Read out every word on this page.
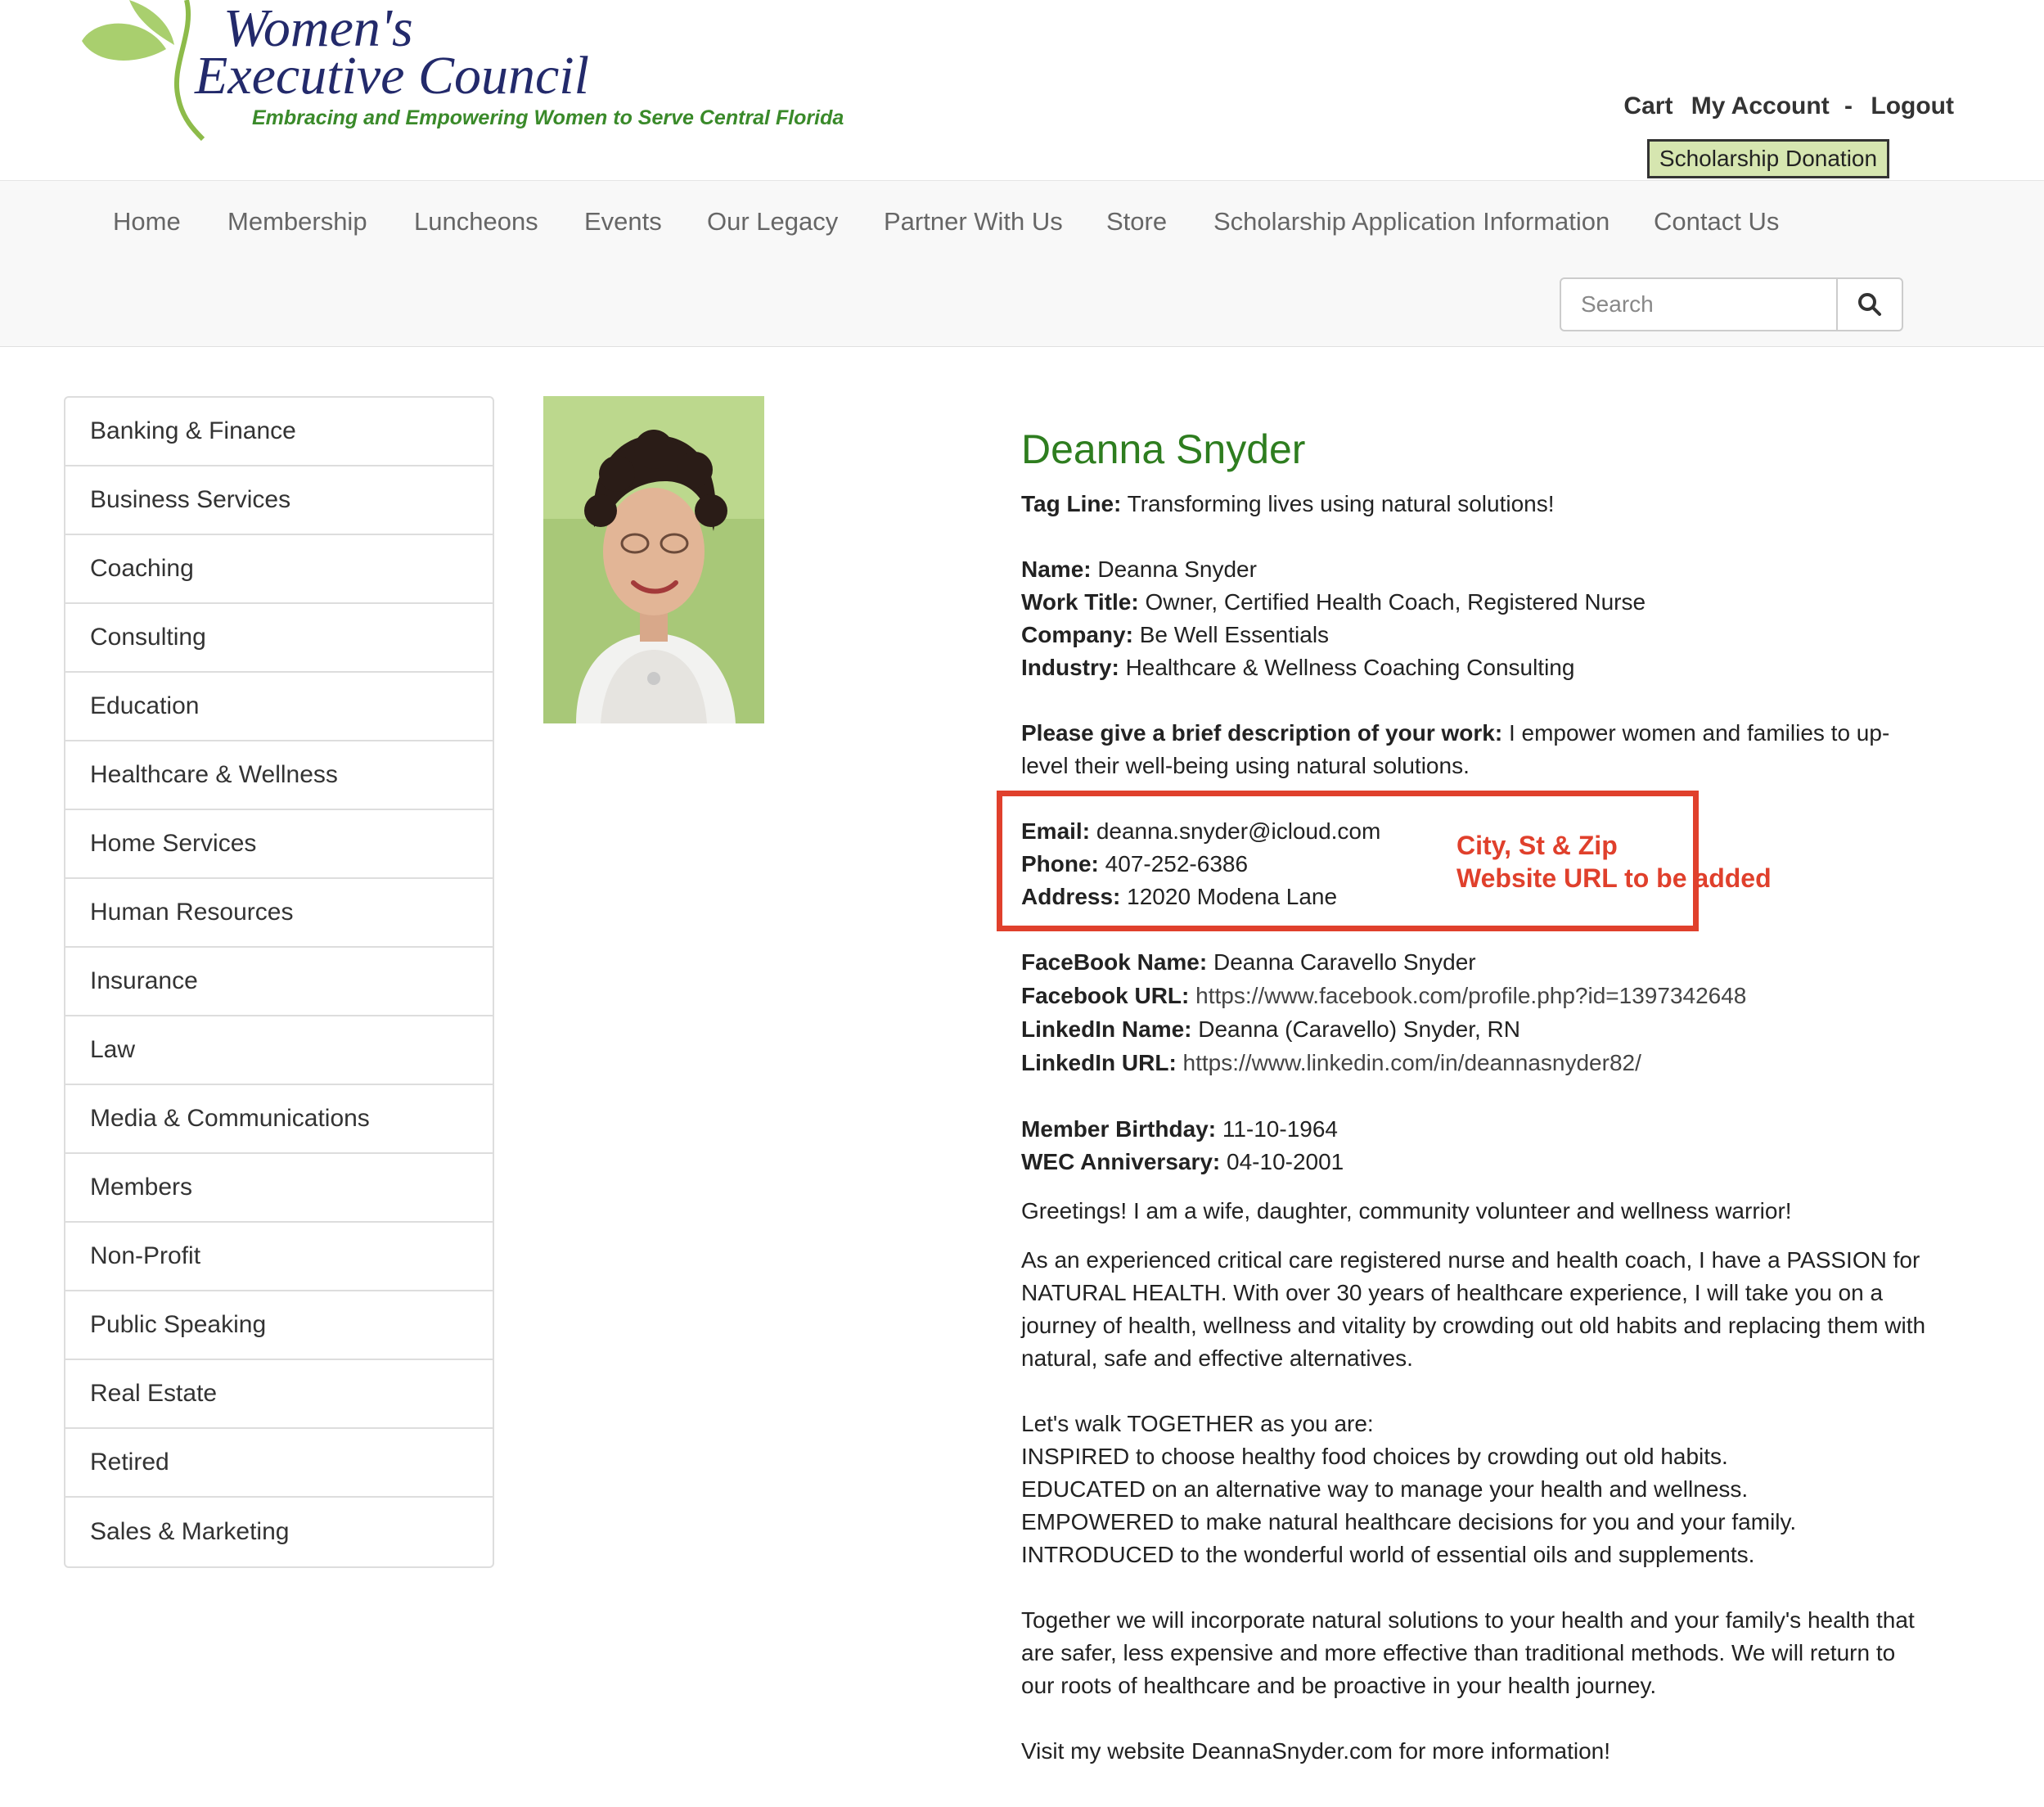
Women's
Executive Council
Embracing and Empowering Women to Serve Central Florida	Cart My Account - Logout
Scholarship Donation
Home Membership Luncheons Events Our Legacy Partner With Us Store Scholarship Application Information Contact Us
Search
Banking & Finance
Business Services
Coaching
Consulting
Education
Healthcare & Wellness
Home Services
Human Resources
Insurance
Law
Media & Communications
Members
Non-Profit
Public Speaking
Real Estate
Retired
Sales & Marketing
Deanna Snyder
Tag Line: Transforming lives using natural solutions!
Name: Deanna Snyder
Work Title: Owner, Certified Health Coach, Registered Nurse
Company: Be Well Essentials
Industry: Healthcare & Wellness Coaching Consulting
Please give a brief description of your work: I empower women and families to up-level their well-being using natural solutions.
Email: deanna.snyder@icloud.com
Phone: 407-252-6386
Address: 12020 Modena Lane
FaceBook Name: Deanna Caravello Snyder
Facebook URL: https://www.facebook.com/profile.php?id=1397342648
LinkedIn Name: Deanna (Caravello) Snyder, RN
LinkedIn URL: https://www.linkedin.com/in/deannasnyder82/
Member Birthday: 11-10-1964
WEC Anniversary: 04-10-2001
Greetings! I am a wife, daughter, community volunteer and wellness warrior!
As an experienced critical care registered nurse and health coach, I have a PASSION for NATURAL HEALTH. With over 30 years of healthcare experience, I will take you on a journey of health, wellness and vitality by crowding out old habits and replacing them with natural, safe and effective alternatives.
Let's walk TOGETHER as you are:
INSPIRED to choose healthy food choices by crowding out old habits.
EDUCATED on an alternative way to manage your health and wellness.
EMPOWERED to make natural healthcare decisions for you and your family.
INTRODUCED to the wonderful world of essential oils and supplements.
Together we will incorporate natural solutions to your health and your family's health that are safer, less expensive and more effective than traditional methods. We will return to our roots of healthcare and be proactive in your health journey.
Visit my website DeannaSnyder.com for more information!
City, St & Zip
Website URL to be added
